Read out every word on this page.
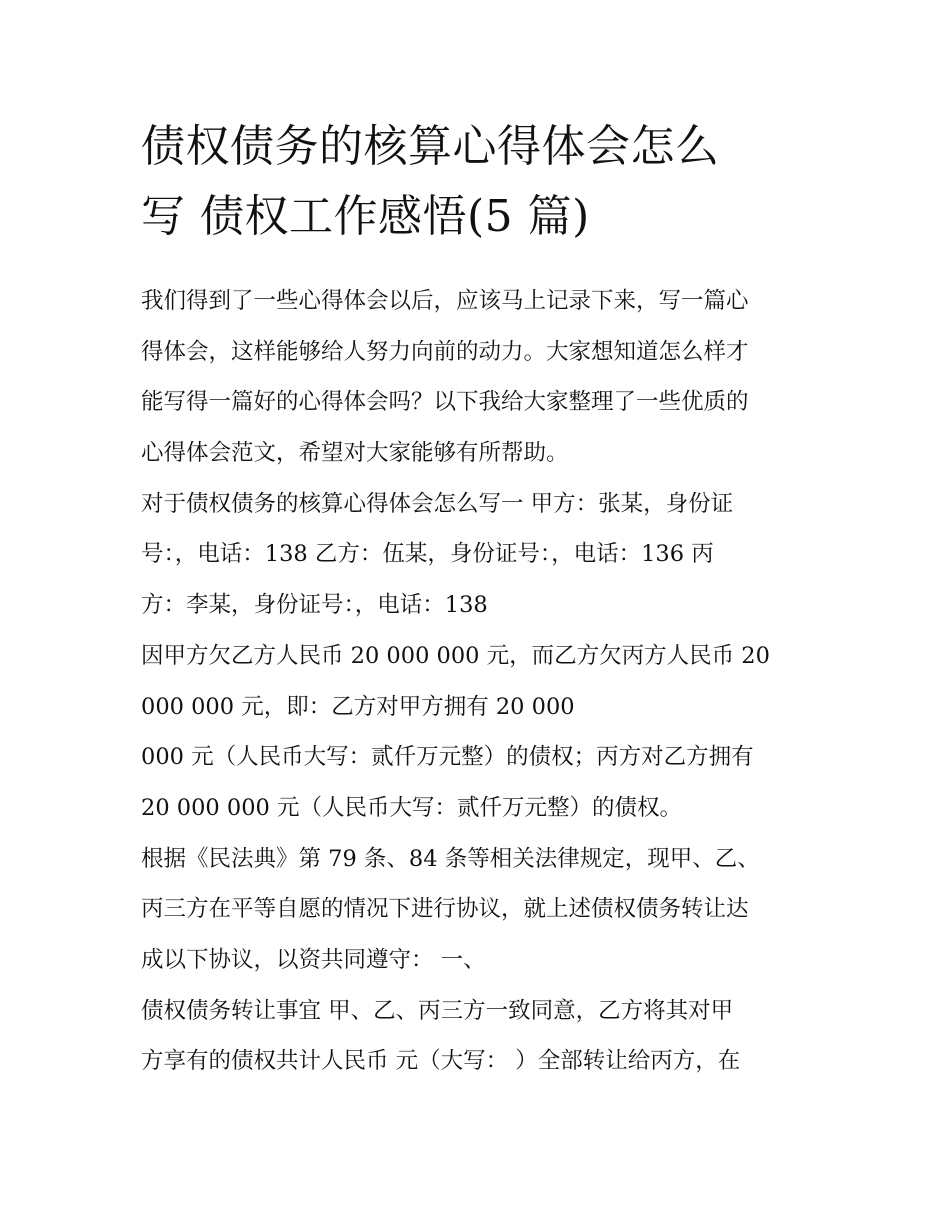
债权债务的核算心得体会怎么
写 债权工作感悟(5 篇)

我们得到了一些心得体会以后，应该马上记录下来，写一篇心

得体会，这样能够给人努力向前的动力。大家想知道怎么样才

能写得一篇好的心得体会吗？以下我给大家整理了一些优质的

心得体会范文，希望对大家能够有所帮助。

对于债权债务的核算心得体会怎么写一 甲方：张某，身份证

号：，电话：138 乙方：伍某，身份证号：，电话：136 丙

方：李某，身份证号：，电话：138

因甲方欠乙方人民币 20 000 000 元，而乙方欠丙方人民币 20

000 000 元，即：乙方对甲方拥有 20 000

000 元（人民币大写：贰仟万元整）的债权；丙方对乙方拥有

20 000 000 元（人民币大写：贰仟万元整）的债权。

根据《民法典》第 79 条、84 条等相关法律规定，现甲、乙、

丙三方在平等自愿的情况下进行协议，就上述债权债务转让达

成以下协议，以资共同遵守： 一、

债权债务转让事宜 甲、乙、丙三方一致同意，乙方将其对甲

方享有的债权共计人民币 元（大写： ）全部转让给丙方，在
